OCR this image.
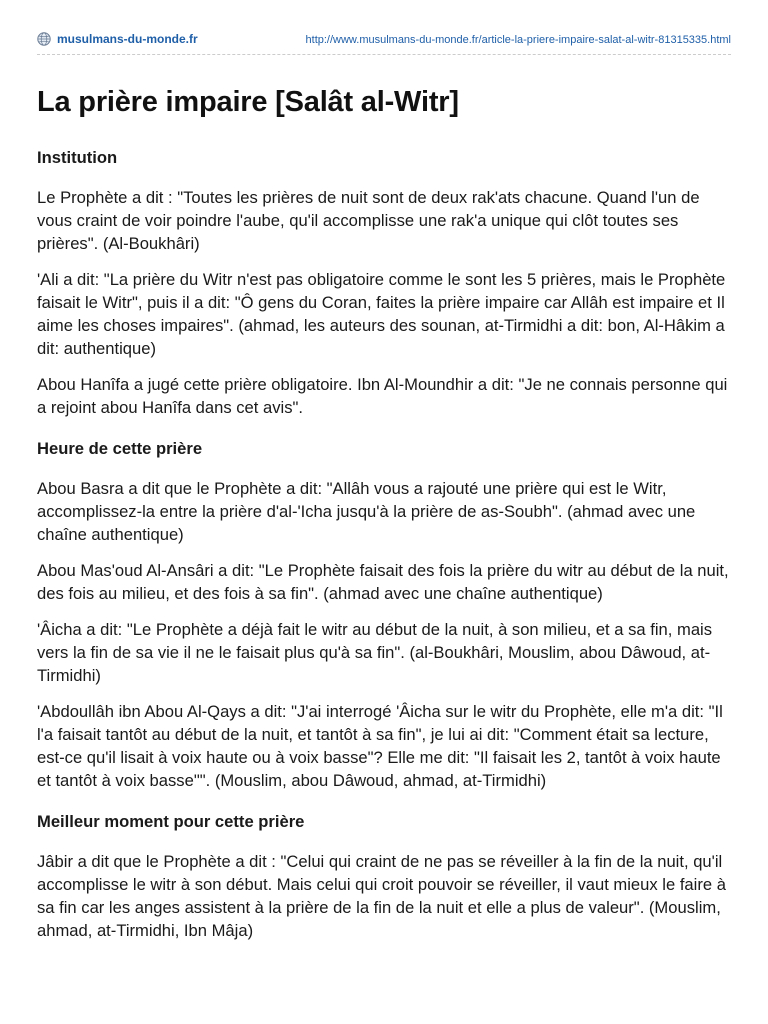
musulmans-du-monde.fr	http://www.musulmans-du-monde.fr/article-la-priere-impaire-salat-al-witr-81315335.html
La prière impaire [Salât al-Witr]
Institution

Le Prophète a dit : "Toutes les prières de nuit sont de deux rak'ats chacune. Quand l'un de vous craint de voir poindre l'aube, qu'il accomplisse une rak'a unique qui clôt toutes ses prières". (Al-Boukhâri)

'Ali a dit: "La prière du Witr n'est pas obligatoire comme le sont les 5 prières, mais le Prophète faisait le Witr", puis il a dit: "Ô gens du Coran, faites la prière impaire car Allâh est impaire et Il aime les choses impaires". (ahmad, les auteurs des sounan, at-Tirmidhi a dit: bon, Al-Hâkim a dit: authentique)

Abou Hanîfa a jugé cette prière obligatoire. Ibn Al-Moundhir a dit: "Je ne connais personne qui a rejoint abou Hanîfa dans cet avis".

Heure de cette prière

Abou Basra a dit que le Prophète a dit: "Allâh vous a rajouté une prière qui est le Witr, accomplissez-la entre la prière d'al-'Icha jusqu'à la prière de as-Soubh". (ahmad avec une chaîne authentique)

Abou Mas'oud Al-Ansâri a dit: "Le Prophète faisait des fois la prière du witr au début de la nuit, des fois au milieu, et des fois à sa fin". (ahmad avec une chaîne authentique)

'Âicha a dit: "Le Prophète a déjà fait le witr au début de la nuit, à son milieu, et a sa fin, mais vers la fin de sa vie il ne le faisait plus qu'à sa fin". (al-Boukhâri, Mouslim, abou Dâwoud, at-Tirmidhi)

'Abdoullâh ibn Abou Al-Qays a dit: "J'ai interrogé 'Âicha sur le witr du Prophète, elle m'a dit: "Il l'a faisait tantôt au début de la nuit, et tantôt à sa fin", je lui ai dit: "Comment était sa lecture, est-ce qu'il lisait à voix haute ou à voix basse"? Elle me dit: "Il faisait les 2, tantôt à voix haute et tantôt à voix basse"". (Mouslim, abou Dâwoud, ahmad, at-Tirmidhi)

Meilleur moment pour cette prière

Jâbir a dit que le Prophète a dit : "Celui qui craint de ne pas se réveiller à la fin de la nuit, qu'il accomplisse le witr à son début. Mais celui qui croit pouvoir se réveiller, il vaut mieux le faire à sa fin car les anges assistent à la prière de la fin de la nuit et elle a plus de valeur". (Mouslim, ahmad, at-Tirmidhi, Ibn Mâja)
